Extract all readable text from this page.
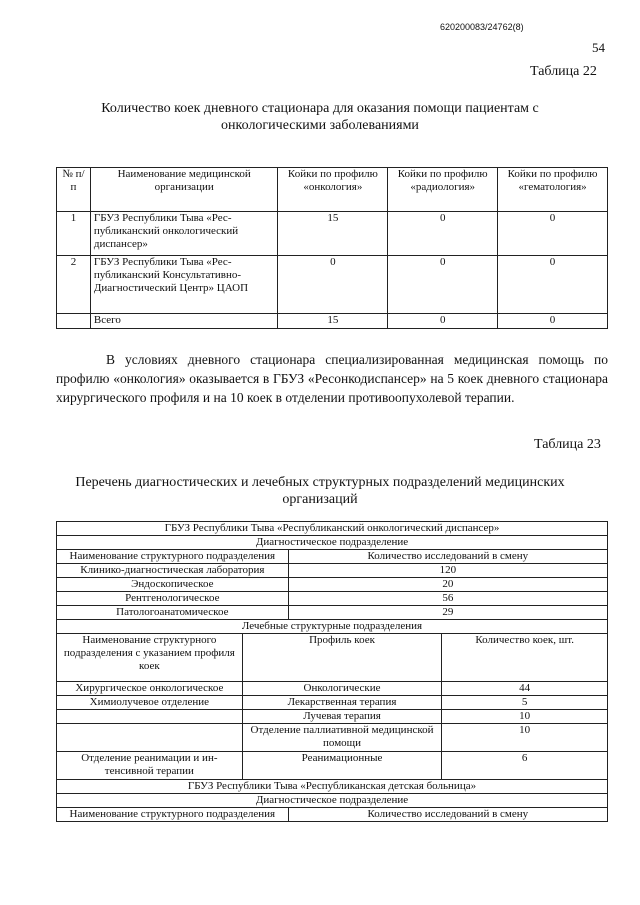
620200083/24762(8)
54
Таблица 22
Количество коек дневного стационара для оказания помощи пациентам с онкологическими заболеваниями
№ п/п	Наименование медицинской организации	Койки по профилю «онкология»	Койки по профилю «радиология»	Койки по профилю «гематология»
1	ГБУЗ Республики Тыва «Республиканский онкологический диспансер»	15	0	0
2	ГБУЗ Республики Тыва «Республиканский Консультативно-Диагностический Центр» ЦАОП	0	0	0
	Всего	15	0	0
В условиях дневного стационара специализированная медицинская помощь по профилю «онкология» оказывается в ГБУЗ «Ресонкодиспансер» на 5 коек дневного стационара хирургического профиля и на 10 коек в отделении противоопухолевой терапии.
Таблица 23
Перечень диагностических и лечебных структурных подразделений медицинских организаций
ГБУЗ Республики Тыва «Республиканский онкологический диспансер»			
Диагностическое подразделение			
Наименование структурного подразделения		Количество исследований в смену	
Клинико-диагностическая лаборатория		120	
Эндоскопическое		20	
Рентгенологическое		56	
Патологоанатомическое		29	
Лечебные структурные подразделения			
Наименование структурного подразделения с указанием профиля коек	Профиль коек		Количество коек, шт.
Хирургическое онкологическое	Онкологические		44
Химиолучевое отделение	Лекарственная терапия		5
	Лучевая терапия		10
	Отделение паллиативной медицинской помощи		10
Отделение реанимации и интенсивной терапии	Реанимационные		6
ГБУЗ Республики Тыва «Республиканская детская больница»			
Диагностическое подразделение			
Наименование структурного подразделения		Количество исследований в смену	
